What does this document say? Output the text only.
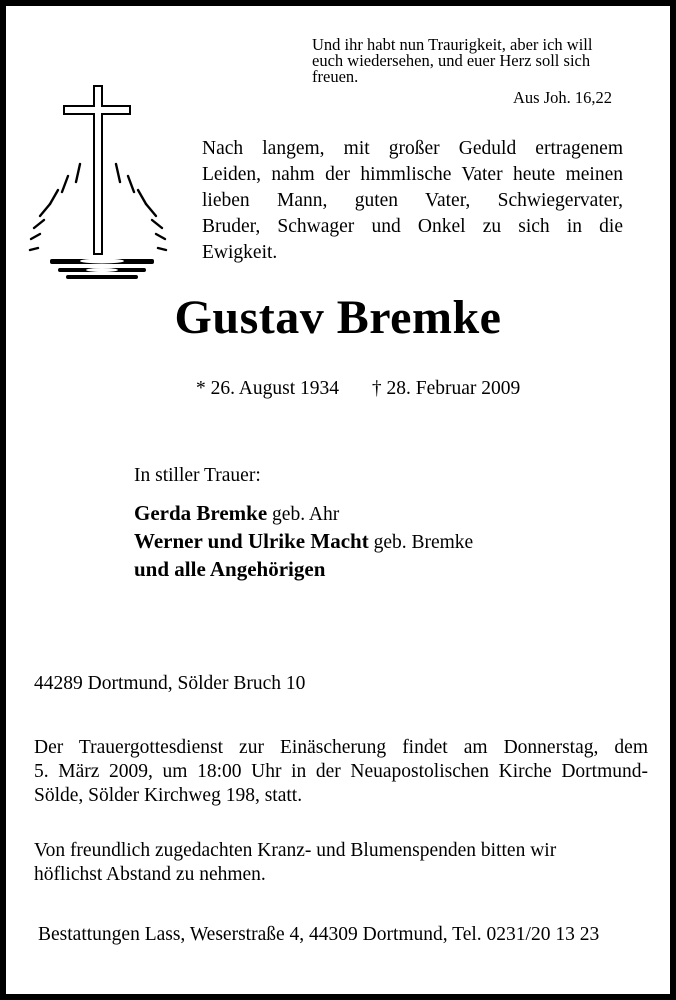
Und ihr habt nun Traurigkeit, aber ich will
euch wiedersehen, und euer Herz soll sich
freuen.
Aus Joh. 16,22
Nach langem, mit großer Geduld ertragenem
Leiden, nahm der himmlische Vater heute meinen
lieben Mann, guten Vater, Schwiegervater,
Bruder, Schwager und Onkel zu sich in die
Ewigkeit.
Gustav Bremke
* 26. August 1934 † 28. Februar 2009
In stiller Trauer:
Gerda Bremke geb. Ahr
Werner und Ulrike Macht geb. Bremke
und alle Angehörigen
44289 Dortmund, Sölder Bruch 10
Der Trauergottesdienst zur Einäscherung findet am Donnerstag, dem
5. März 2009, um 18:00 Uhr in der Neuapostolischen Kirche Dortmund-
Sölde, Sölder Kirchweg 198, statt.
Von freundlich zugedachten Kranz- und Blumenspenden bitten wir
höflichst Abstand zu nehmen.
Bestattungen Lass, Weserstraße 4, 44309 Dortmund, Tel. 0231/20 13 23
